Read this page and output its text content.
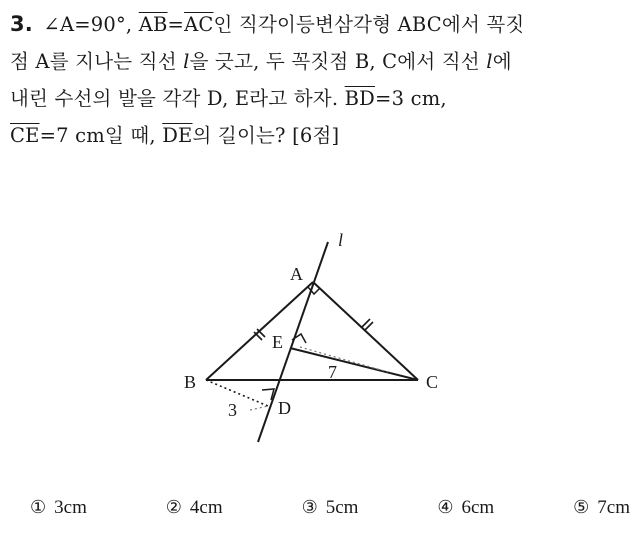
3. ∠A=90°, $\overline{AB}=\overline{AC}$인 직각이등변삼각형 ABC에서 꼭짓
점 A를 지나는 직선 l을 긋고, 두 꼭짓점 B, C에서 직선 l에
내린 수선의 발을 각각 D, E라고 하자. $\overline{BD}=3$ cm,
$\overline{CE}=7$ cm일 때, $\overline{DE}$의 길이는? [6점]
l
A
E
B	C
D
3
7
① 3cm	② 4cm	③ 5cm	④ 6cm	⑤ 7cm
